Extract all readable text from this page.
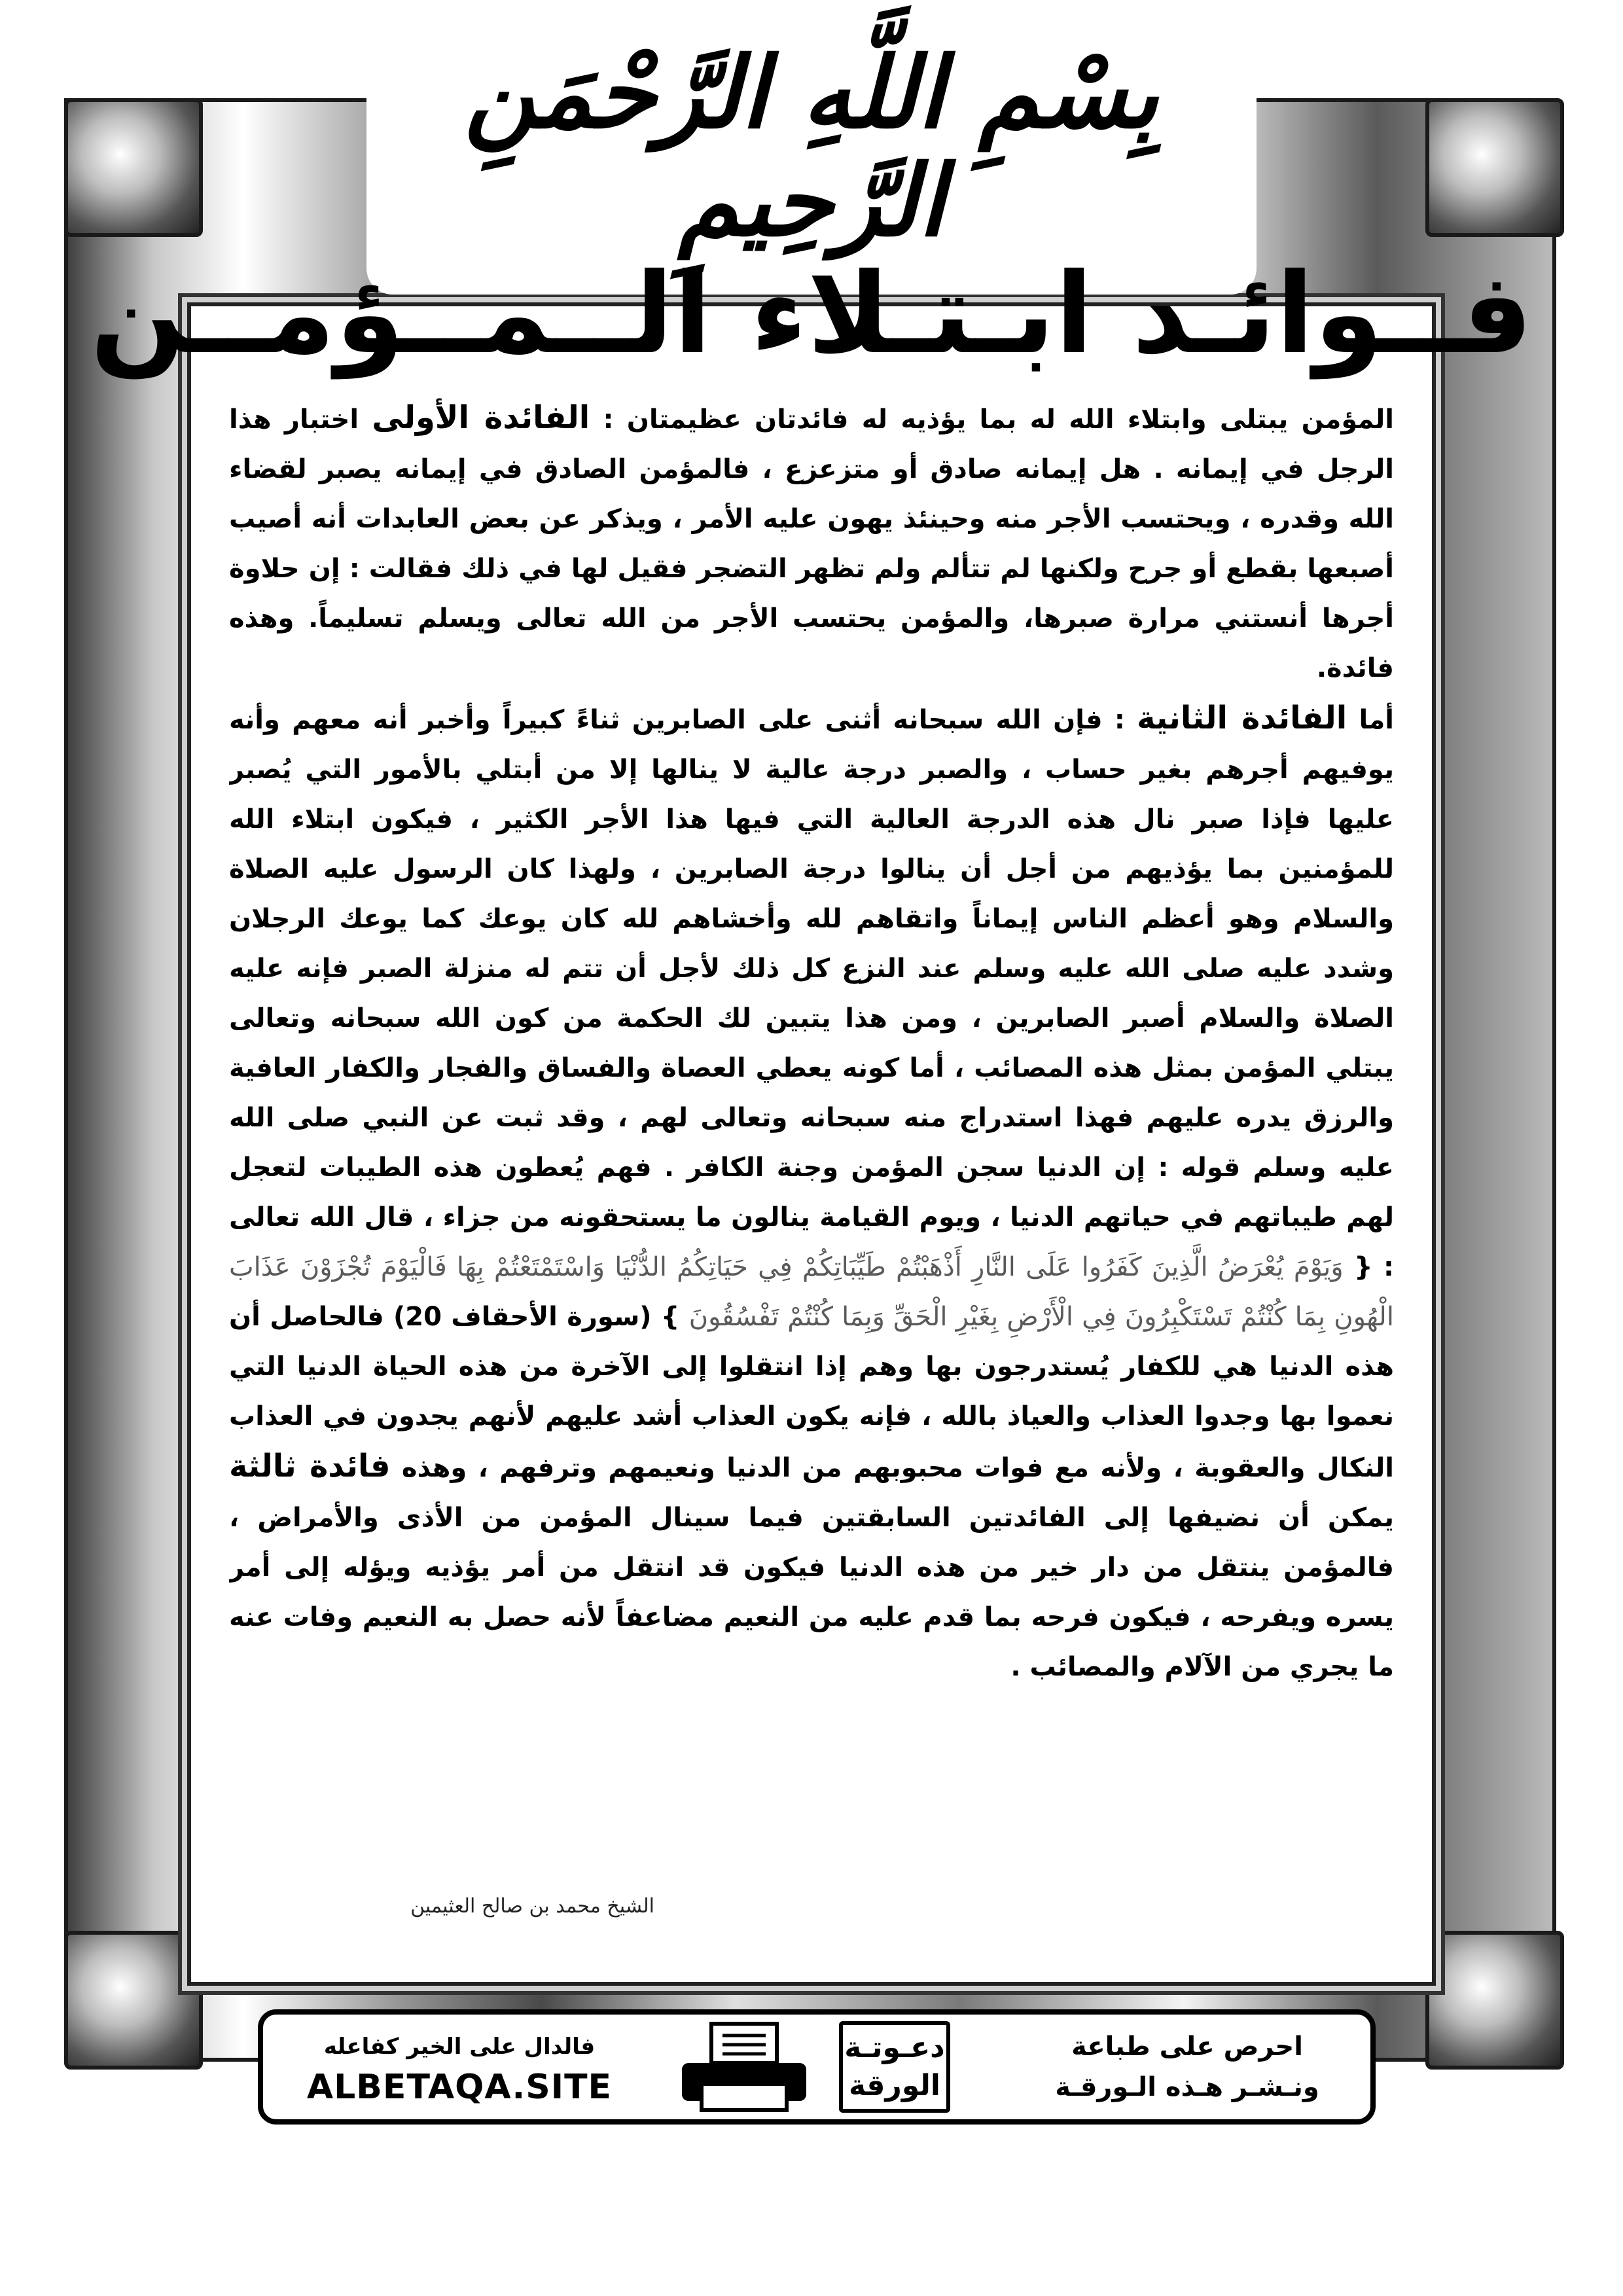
بِسْمِ اللَّهِ الرَّحْمَنِ الرَّحِيمِ
فــوائـد ابـتـلاء الــمــؤمــن

المؤمن يبتلى وابتلاء الله له بما يؤذيه له فائدتان عظيمتان : الفائدة الأولى اختبار هذا الرجل في إيمانه . هل إيمانه صادق أو متزعزع ، فالمؤمن الصادق في إيمانه يصبر لقضاء الله وقدره ، ويحتسب الأجر منه وحينئذ يهون عليه الأمر ، ويذكر عن بعض العابدات أنه أصيب أصبعها بقطع أو جرح ولكنها لم تتألم ولم تظهر التضجر فقيل لها في ذلك فقالت : إن حلاوة أجرها أنستني مرارة صبرها، والمؤمن يحتسب الأجر من الله تعالى ويسلم تسليماً. وهذه فائدة.

أما الفائدة الثانية : فإن الله سبحانه أثنى على الصابرين ثناءً كبيراً وأخبر أنه معهم وأنه يوفيهم أجرهم بغير حساب ، والصبر درجة عالية لا ينالها إلا من أبتلي بالأمور التي يُصبر عليها فإذا صبر نال هذه الدرجة العالية التي فيها هذا الأجر الكثير ، فيكون ابتلاء الله للمؤمنين بما يؤذيهم من أجل أن ينالوا درجة الصابرين ، ولهذا كان الرسول عليه الصلاة والسلام وهو أعظم الناس إيماناً واتقاهم لله وأخشاهم لله كان يوعك كما يوعك الرجلان وشدد عليه صلى الله عليه وسلم عند النزع كل ذلك لأجل أن تتم له منزلة الصبر فإنه عليه الصلاة والسلام أصبر الصابرين ، ومن هذا يتبين لك الحكمة من كون الله سبحانه وتعالى يبتلي المؤمن بمثل هذه المصائب ، أما كونه يعطي العصاة والفساق والفجار والكفار العافية والرزق يدره عليهم فهذا استدراج منه سبحانه وتعالى لهم ، وقد ثبت عن النبي صلى الله عليه وسلم قوله : إن الدنيا سجن المؤمن وجنة الكافر . فهم يُعطون هذه الطيبات لتعجل لهم طيباتهم في حياتهم الدنيا ، ويوم القيامة ينالون ما يستحقونه من جزاء ، قال الله تعالى : { وَيَوْمَ يُعْرَضُ الَّذِينَ كَفَرُوا عَلَى النَّارِ أَذْهَبْتُمْ طَيِّبَاتِكُمْ فِي حَيَاتِكُمُ الدُّنْيَا وَاسْتَمْتَعْتُمْ بِهَا فَالْيَوْمَ تُجْزَوْنَ عَذَابَ الْهُونِ بِمَا كُنْتُمْ تَسْتَكْبِرُونَ فِي الْأَرْضِ بِغَيْرِ الْحَقِّ وَبِمَا كُنْتُمْ تَفْسُقُونَ } (سورة الأحقاف 20) فالحاصل أن هذه الدنيا هي للكفار يُستدرجون بها وهم إذا انتقلوا إلى الآخرة من هذه الحياة الدنيا التي نعموا بها وجدوا العذاب والعياذ بالله ، فإنه يكون العذاب أشد عليهم لأنهم يجدون في العذاب النكال والعقوبة ، ولأنه مع فوات محبوبهم من الدنيا ونعيمهم وترفهم ، وهذه فائدة ثالثة يمكن أن نضيفها إلى الفائدتين السابقتين فيما سينال المؤمن من الأذى والأمراض ، فالمؤمن ينتقل من دار خير من هذه الدنيا فيكون قد انتقل من أمر يؤذيه ويؤله إلى أمر يسره ويفرحه ، فيكون فرحه بما قدم عليه من النعيم مضاعفاً لأنه حصل به النعيم وفات عنه ما يجري من الآلام والمصائب .

الشيخ محمد بن صالح العثيمين
احرص على طباعة
ونـشـر هـذه الـورقـة
دعـوتـة
الورقة
فالدال على الخير كفاعله
ALBETAQA.SITE
